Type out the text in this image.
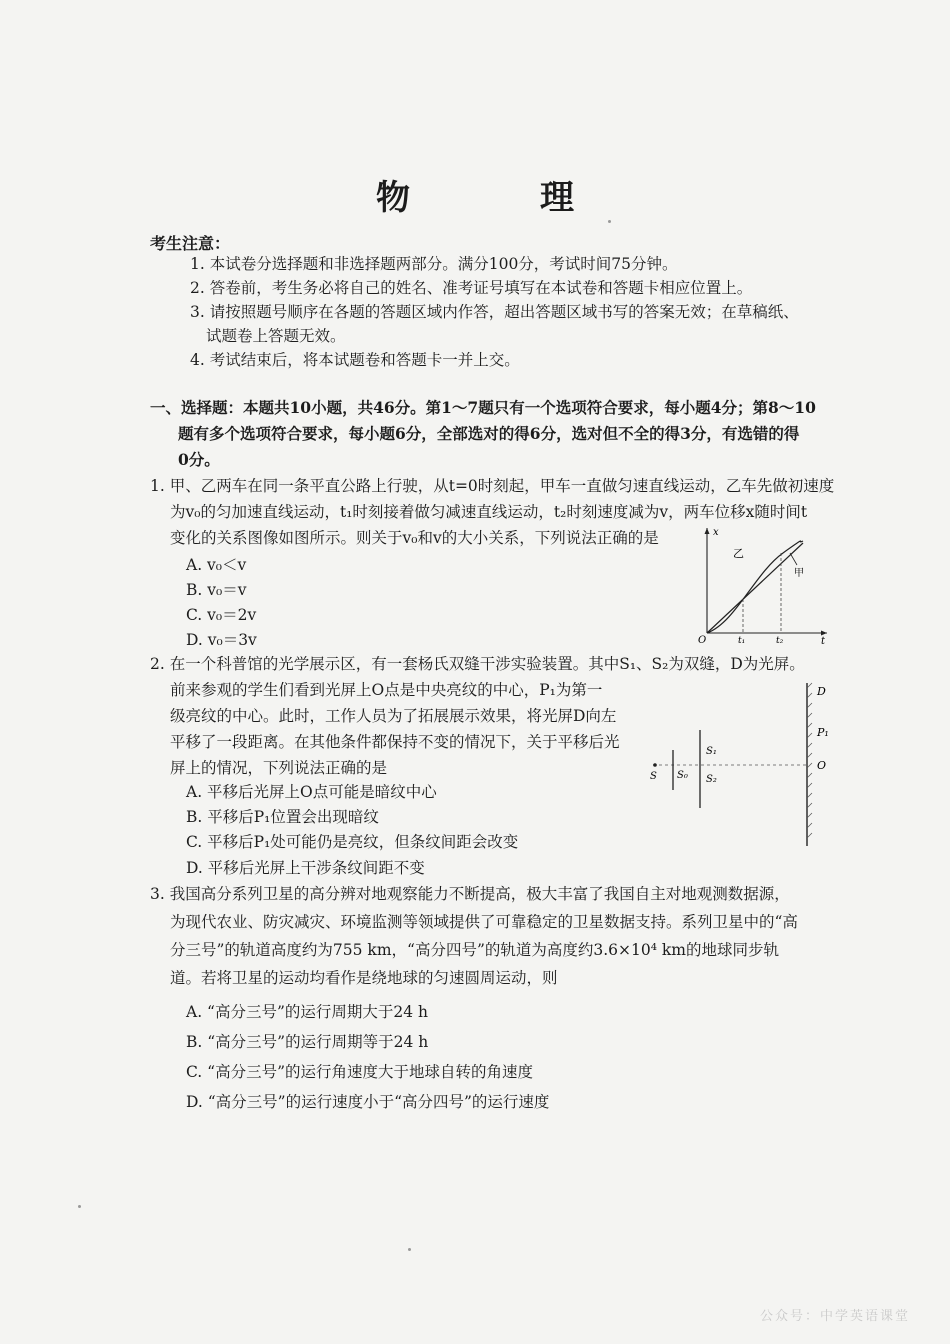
物　理
考生注意：
1. 本试卷分选择题和非选择题两部分。满分100分，考试时间75分钟。
2. 答卷前，考生务必将自己的姓名、准考证号填写在本试卷和答题卡相应位置上。
3. 请按照题号顺序在各题的答题区域内作答，超出答题区域书写的答案无效；在草稿纸、
试题卷上答题无效。
4. 考试结束后，将本试题卷和答题卡一并上交。
一、选择题：本题共10小题，共46分。第1～7题只有一个选项符合要求，每小题4分；第8～10
题有多个选项符合要求，每小题6分，全部选对的得6分，选对但不全的得3分，有选错的得
0分。
1. 甲、乙两车在同一条平直公路上行驶，从t=0时刻起，甲车一直做匀速直线运动，乙车先做初速度
为v₀的匀加速直线运动，t₁时刻接着做匀减速直线运动，t₂时刻速度减为v，两车位移x随时间t
变化的关系图像如图所示。则关于v₀和v的大小关系，下列说法正确的是
A. v₀＜v
B. v₀＝v
C. v₀＝2v
D. v₀＝3v
x
t
O	t₁	t₂
乙
甲
2. 在一个科普馆的光学展示区，有一套杨氏双缝干涉实验装置。其中S₁、S₂为双缝，D为光屏。
前来参观的学生们看到光屏上O点是中央亮纹的中心，P₁为第一
级亮纹的中心。此时，工作人员为了拓展展示效果，将光屏D向左
平移了一段距离。在其他条件都保持不变的情况下，关于平移后光
屏上的情况，下列说法正确的是
A. 平移后光屏上O点可能是暗纹中心
B. 平移后P₁位置会出现暗纹
C. 平移后P₁处可能仍是亮纹，但条纹间距会改变
D. 平移后光屏上干涉条纹间距不变
S S₀
S₁
S₂
D
P₁
O
3. 我国高分系列卫星的高分辨对地观察能力不断提高，极大丰富了我国自主对地观测数据源，
为现代农业、防灾减灾、环境监测等领域提供了可靠稳定的卫星数据支持。系列卫星中的“高
分三号”的轨道高度约为755 km，“高分四号”的轨道为高度约3.6×10⁴ km的地球同步轨
道。若将卫星的运动均看作是绕地球的匀速圆周运动，则
A. “高分三号”的运行周期大于24 h
B. “高分三号”的运行周期等于24 h
C. “高分三号”的运行角速度大于地球自转的角速度
D. “高分三号”的运行速度小于“高分四号”的运行速度
公众号：中学英语课堂
